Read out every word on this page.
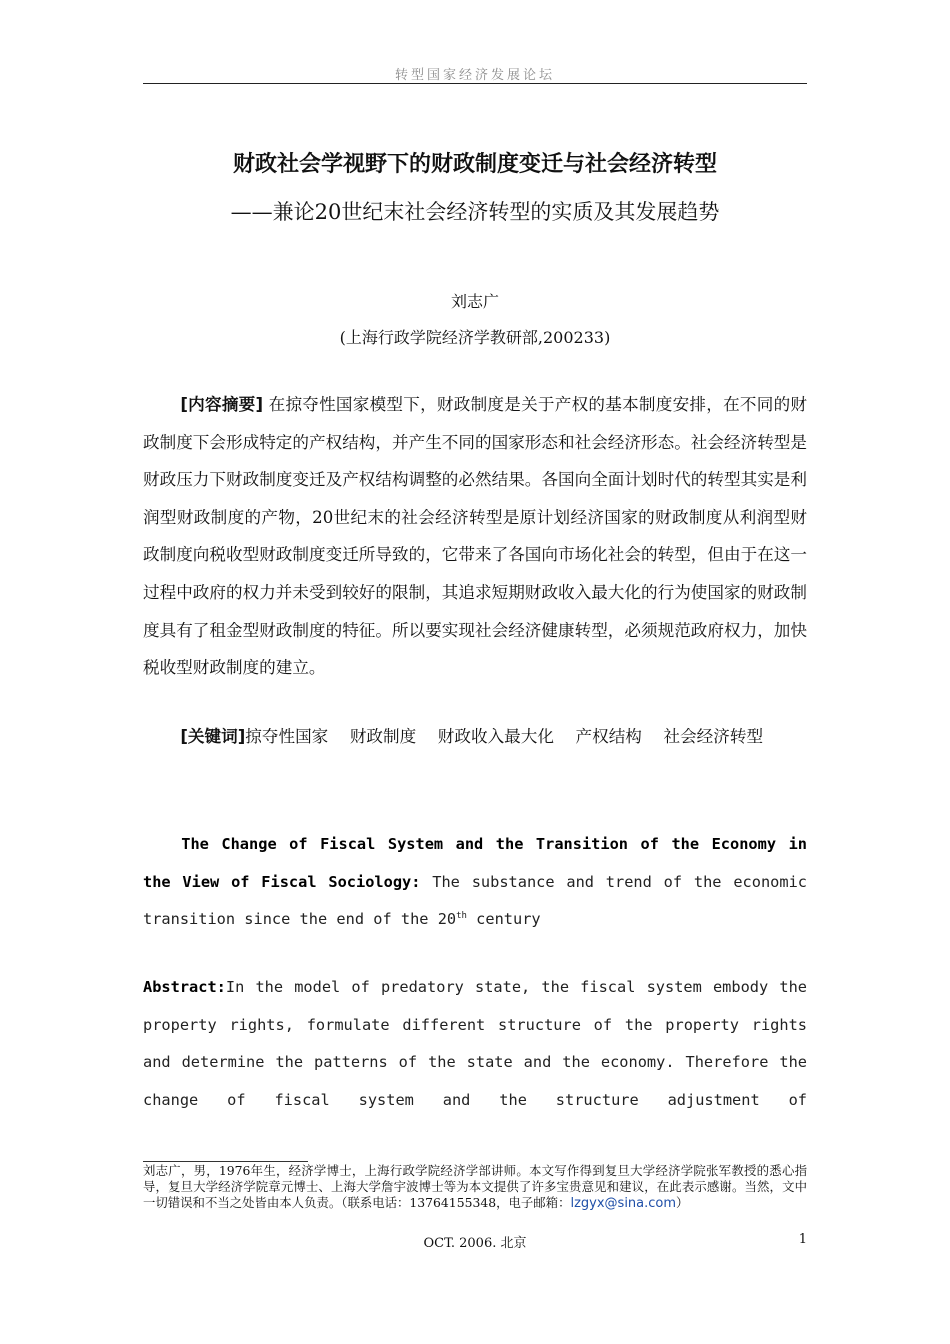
转型国家经济发展论坛
财政社会学视野下的财政制度变迁与社会经济转型
——兼论20世纪末社会经济转型的实质及其发展趋势
刘志广
(上海行政学院经济学教研部,200233)

[内容摘要] 在掠夺性国家模型下，财政制度是关于产权的基本制度安排，在不同的财政制度下会形成特定的产权结构，并产生不同的国家形态和社会经济形态。社会经济转型是财政压力下财政制度变迁及产权结构调整的必然结果。各国向全面计划时代的转型其实是利润型财政制度的产物，20世纪末的社会经济转型是原计划经济国家的财政制度从利润型财政制度向税收型财政制度变迁所导致的，它带来了各国向市场化社会的转型，但由于在这一过程中政府的权力并未受到较好的限制，其追求短期财政收入最大化的行为使国家的财政制度具有了租金型财政制度的特征。所以要实现社会经济健康转型，必须规范政府权力，加快税收型财政制度的建立。

[关键词]掠夺性国家 财政制度 财政收入最大化 产权结构 社会经济转型

The Change of Fiscal System and the Transition of the Economy in the View of Fiscal Sociology: The substance and trend of the economic transition since the end of the 20th century

Abstract:In the model of predatory state, the fiscal system embody the property rights, formulate different structure of the property rights and determine the patterns of the state and the economy. Therefore the change of fiscal system and the structure adjustment of

刘志广，男，1976年生，经济学博士，上海行政学院经济学部讲师。本文写作得到复旦大学经济学院张军教授的悉心指导，复旦大学经济学院章元博士、上海大学詹宇波博士等为本文提供了许多宝贵意见和建议，在此表示感谢。当然，文中一切错误和不当之处皆由本人负责。（联系电话：13764155348，电子邮箱：lzgyx@sina.com）

OCT. 2006. 北京	1
